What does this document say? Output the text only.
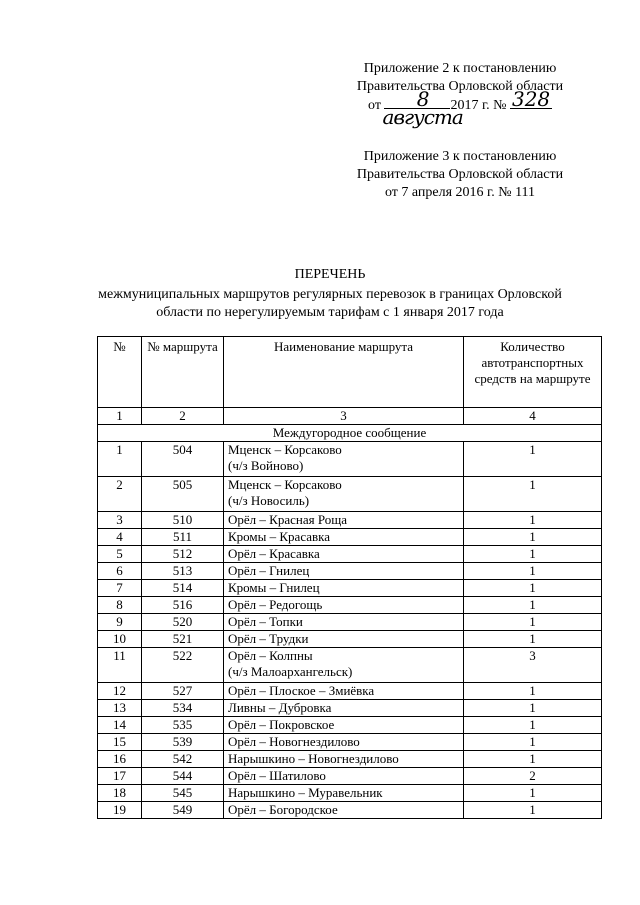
Приложение 2 к постановлению
Правительства Орловской области
от	8 августа
2017 г. № 328
Приложение 3 к постановлению
Правительства Орловской области
от 7 апреля 2016 г. № 111
ПЕРЕЧЕНЬ
межмуниципальных маршрутов регулярных перевозок в границах Орловской
области по нерегулируемым тарифам с 1 января 2017 года
№	№ маршрута	Наименование маршрута	Количество автотранспортных средств на маршруте
1	2	3	4
Междугородное сообщение			
1	504	Мценск – Корсаково
(ч/з Войново)	1
2	505	Мценск – Корсаково
(ч/з Новосиль)	1
3	510	Орёл – Красная Роща	1
4	511	Кромы – Красавка	1
5	512	Орёл – Красавка	1
6	513	Орёл – Гнилец	1
7	514	Кромы – Гнилец	1
8	516	Орёл – Редогощь	1
9	520	Орёл – Топки	1
10	521	Орёл – Трудки	1
11	522	Орёл – Колпны
(ч/з Малоархангельск)	3
12	527	Орёл – Плоское – Змиёвка	1
13	534	Ливны – Дубровка	1
14	535	Орёл – Покровское	1
15	539	Орёл – Новогнездилово	1
16	542	Нарышкино – Новогнездилово	1
17	544	Орёл – Шатилово	2
18	545	Нарышкино – Муравельник	1
19	549	Орёл – Богородское	1
